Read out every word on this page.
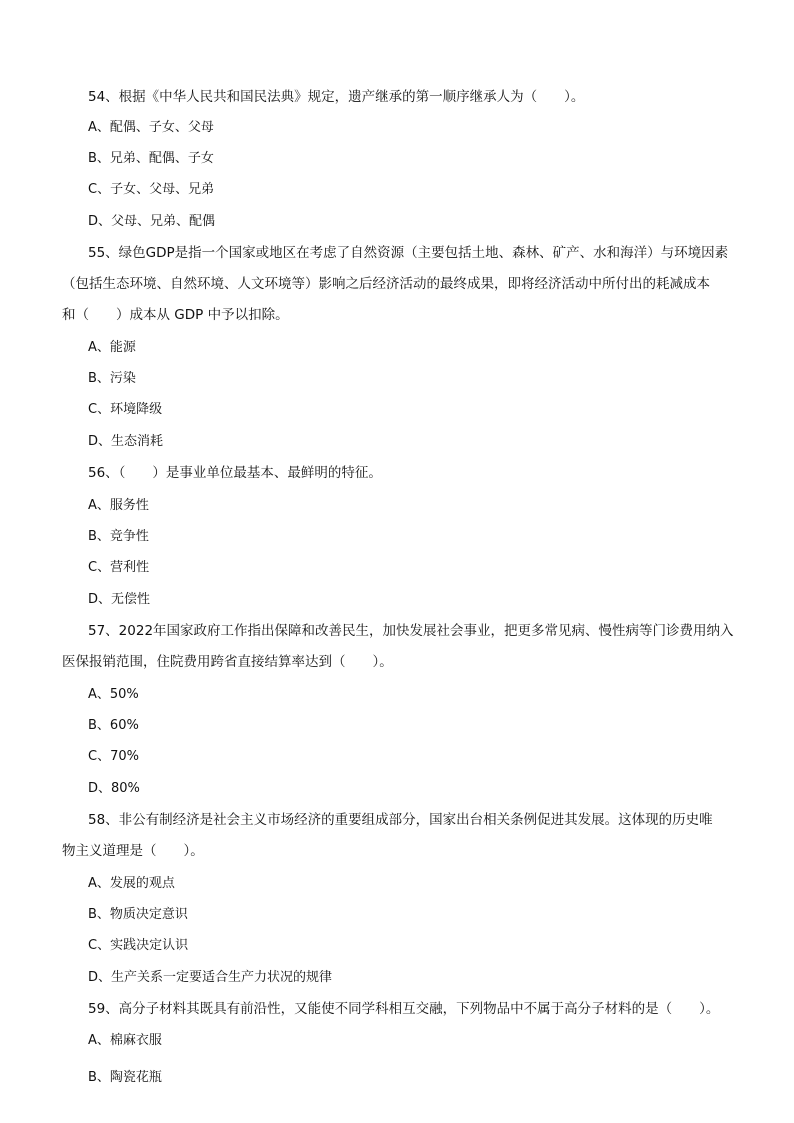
54、根据《中华人民共和国民法典》规定，遗产继承的第一顺序继承人为（　　）。
A、配偶、子女、父母
B、兄弟、配偶、子女
C、子女、父母、兄弟
D、父母、兄弟、配偶
55、绿色GDP是指一个国家或地区在考虑了自然资源（主要包括土地、森林、矿产、水和海洋）与环境因素
（包括生态环境、自然环境、人文环境等）影响之后经济活动的最终成果，即将经济活动中所付出的耗减成本
和（　　）成本从 GDP 中予以扣除。
A、能源
B、污染
C、环境降级
D、生态消耗
56、（　　）是事业单位最基本、最鲜明的特征。
A、服务性
B、竞争性
C、营利性
D、无偿性
57、2022年国家政府工作指出保障和改善民生，加快发展社会事业，把更多常见病、慢性病等门诊费用纳入
医保报销范围，住院费用跨省直接结算率达到（　　）。
A、50%
B、60%
C、70%
D、80%
58、非公有制经济是社会主义市场经济的重要组成部分，国家出台相关条例促进其发展。这体现的历史唯
物主义道理是（　　）。
A、发展的观点
B、物质决定意识
C、实践决定认识
D、生产关系一定要适合生产力状况的规律
59、高分子材料其既具有前沿性，又能使不同学科相互交融，下列物品中不属于高分子材料的是（　　）。
A、棉麻衣服
B、陶瓷花瓶
